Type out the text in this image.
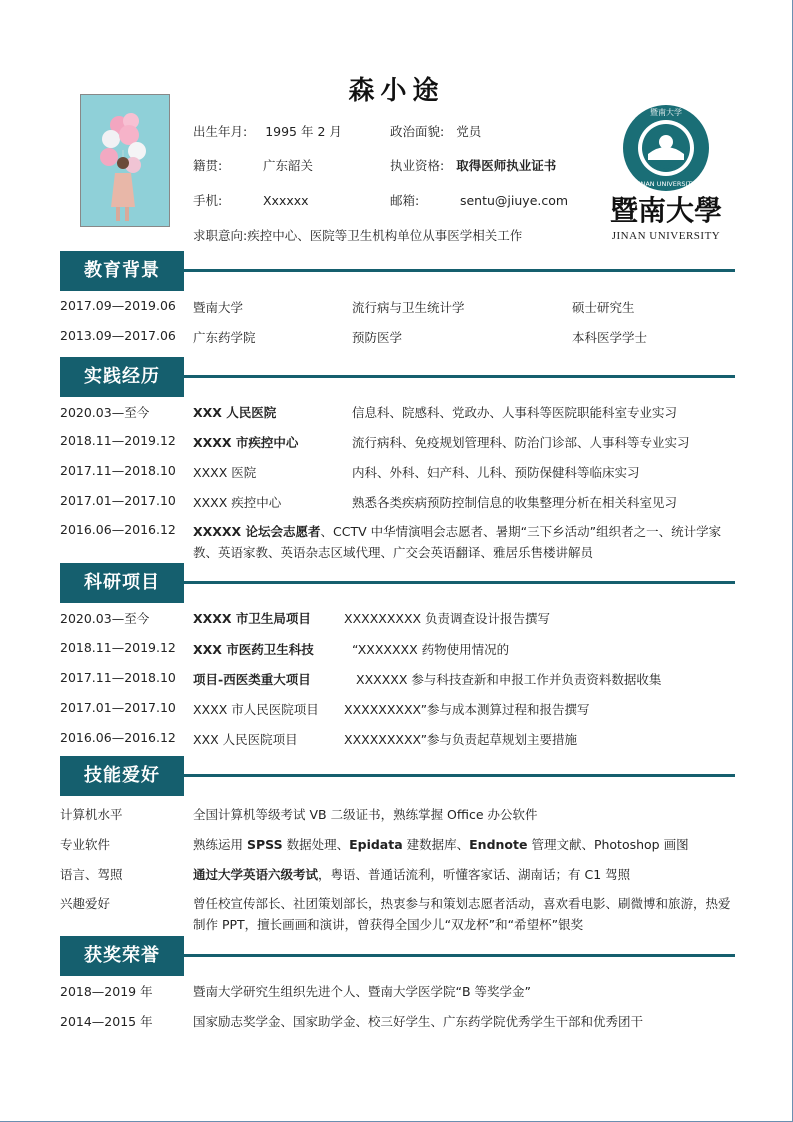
森小途
出生年月: 1995 年 2 月	政治面貌: 党员
籍贯:	广东韶关	执业资格: 取得医师执业证书
手机:	Xxxxxx	邮箱:	sentu@jiuye.com
求职意向:疾控中心、医院等卫生机构单位从事医学相关工作
暨南大学
1906
JINAN UNIVERSITY
暨南大學
JINAN UNIVERSITY
教育背景
2017.09—2019.06 暨南大学	流行病与卫生统计学	硕士研究生
2013.09—2017.06 广东药学院	预防医学	本科医学学士
实践经历
2020.03—至今	XXX 人民医院	信息科、院感科、党政办、人事科等医院职能科室专业实习
2018.11—2019.12 XXXX 市疾控中心	流行病科、免疫规划管理科、防治门诊部、人事科等专业实习
2017.11—2018.10 XXXX 医院	内科、外科、妇产科、儿科、预防保健科等临床实习
2017.01—2017.10 XXXX 疾控中心	熟悉各类疾病预防控制信息的收集整理分析在相关科室见习
2016.06—2016.12 XXXXX 论坛会志愿者、CCTV 中华情演唱会志愿者、暑期“三下乡活动”组织者之一、统计学家教、英语家教、英语杂志区域代理、广交会英语翻译、雅居乐售楼讲解员
科研项目
2020.03—至今	XXXX 市卫生局项目	XXXXXXXXX 负责调查设计报告撰写
2018.11—2019.12 XXX 市医药卫生科技	“XXXXXXX 药物使用情况的
2017.11—2018.10 项目-西医类重大项目	XXXXXX 参与科技查新和申报工作并负责资料数据收集
2017.01—2017.10 XXXX 市人民医院项目 XXXXXXXXX”参与成本测算过程和报告撰写
2016.06—2016.12 XXX 人民医院项目	XXXXXXXXX”参与负责起草规划主要措施
技能爱好
计算机水平	全国计算机等级考试 VB 二级证书，熟练掌握 Office 办公软件
专业软件	熟练运用 SPSS 数据处理、Epidata 建数据库、Endnote 管理文献、Photoshop 画图
语言、驾照	通过大学英语六级考试，粤语、普通话流利，听懂客家话、湖南话；有 C1 驾照
兴趣爱好	曾任校宣传部长、社团策划部长，热衷参与和策划志愿者活动，喜欢看电影、刷微博和旅游，热爱制作 PPT，擅长画画和演讲，曾获得全国少儿“双龙杯”和“希望杯”银奖
获奖荣誉
2018—2019 年	暨南大学研究生组织先进个人、暨南大学医学院“B 等奖学金”
2014—2015 年	国家励志奖学金、国家助学金、校三好学生、广东药学院优秀学生干部和优秀团干
